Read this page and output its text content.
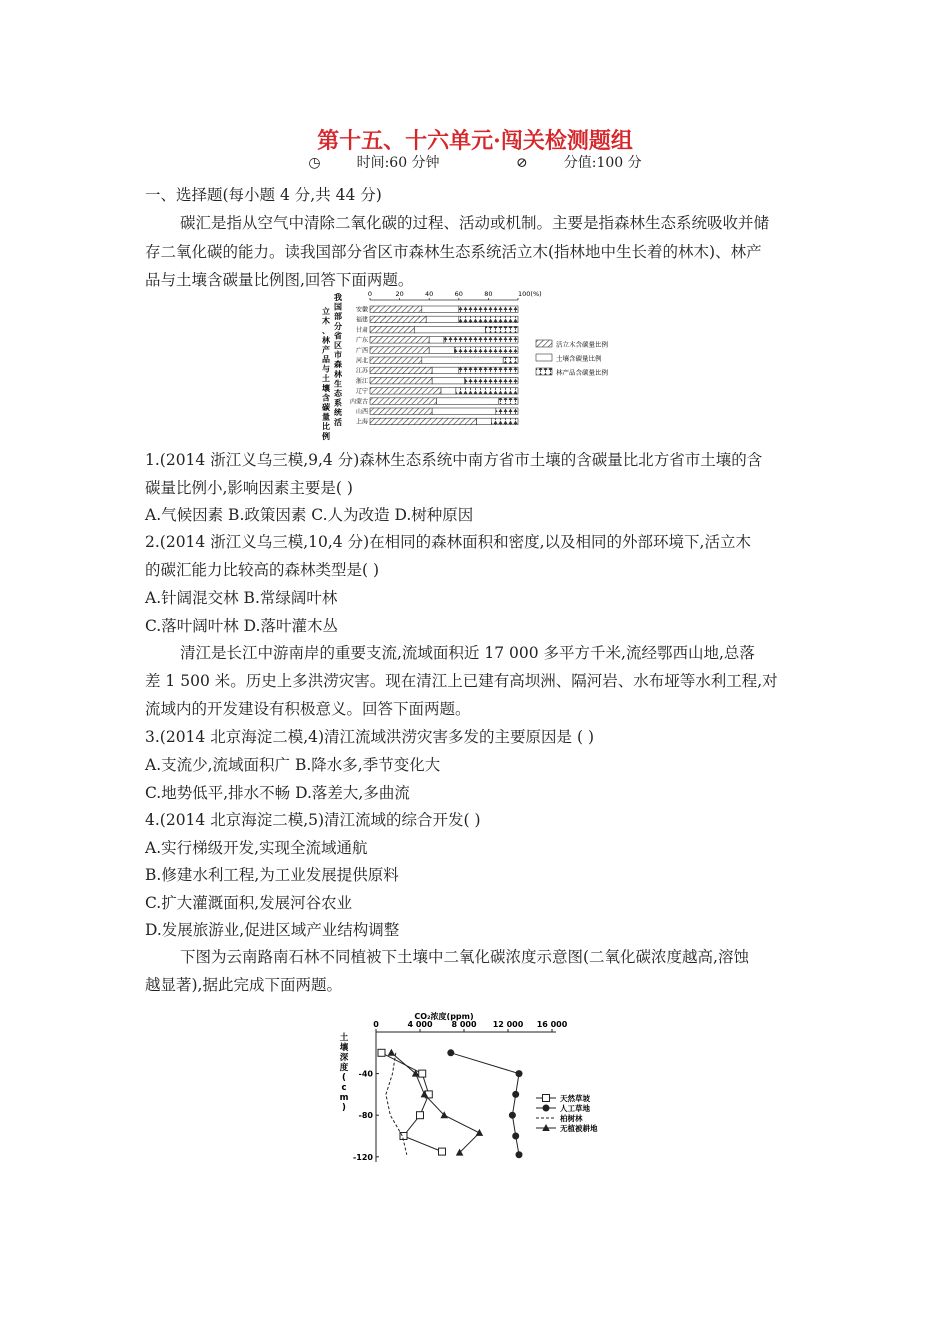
第十五、十六单元·闯关检测题组
◷	时间:60 分钟	⊘	分值:100 分
一、选择题(每小题 4 分,共 44 分)
碳汇是指从空气中清除二氧化碳的过程、活动或机制。主要是指森林生态系统吸收并储
存二氧化碳的能力。读我国部分省区市森林生态系统活立木(指林地中生长着的林木)、林产
品与土壤含碳量比例图,回答下面两题。
我
国
部
分
省
区
市
森
林
生
态
系
统
活
立
木
、
林
产
品
与
土
壤
含
碳
量
比
例
0	20	40	60	80	100(%)
安徽
福建
甘肃
广东
广西
河北
江苏
浙江
辽宁
内蒙古
山西
上海
活立木含碳量比例
土壤含碳量比例
林产品含碳量比例
1.(2014 浙江义乌三模,9,4 分)森林生态系统中南方省市土壤的含碳量比北方省市土壤的含
碳量比例小,影响因素主要是( )
A.气候因素 B.政策因素 C.人为改造 D.树种原因
2.(2014 浙江义乌三模,10,4 分)在相同的森林面积和密度,以及相同的外部环境下,活立木
的碳汇能力比较高的森林类型是( )
A.针阔混交林 B.常绿阔叶林
C.落叶阔叶林 D.落叶灌木丛
清江是长江中游南岸的重要支流,流域面积近 17 000 多平方千米,流经鄂西山地,总落
差 1 500 米。历史上多洪涝灾害。现在清江上已建有高坝洲、隔河岩、水布垭等水利工程,对
流域内的开发建设有积极意义。回答下面两题。
3.(2014 北京海淀二模,4)清江流域洪涝灾害多发的主要原因是 ( )
A.支流少,流域面积广 B.降水多,季节变化大
C.地势低平,排水不畅 D.落差大,多曲流
4.(2014 北京海淀二模,5)清江流域的综合开发( )
A.实行梯级开发,实现全流域通航
B.修建水利工程,为工业发展提供原料
C.扩大灌溉面积,发展河谷农业
D.发展旅游业,促进区域产业结构调整
下图为云南路南石林不同植被下土壤中二氧化碳浓度示意图(二氧化碳浓度越高,溶蚀
越显著),据此完成下面两题。
CO₂浓度(ppm)
0	4 000 8 000 12 000 16 000
-40
-80
-120
土
壤
深
度
(
c
m
)
天然草坡
人工草地
柏树林
无植被耕地
